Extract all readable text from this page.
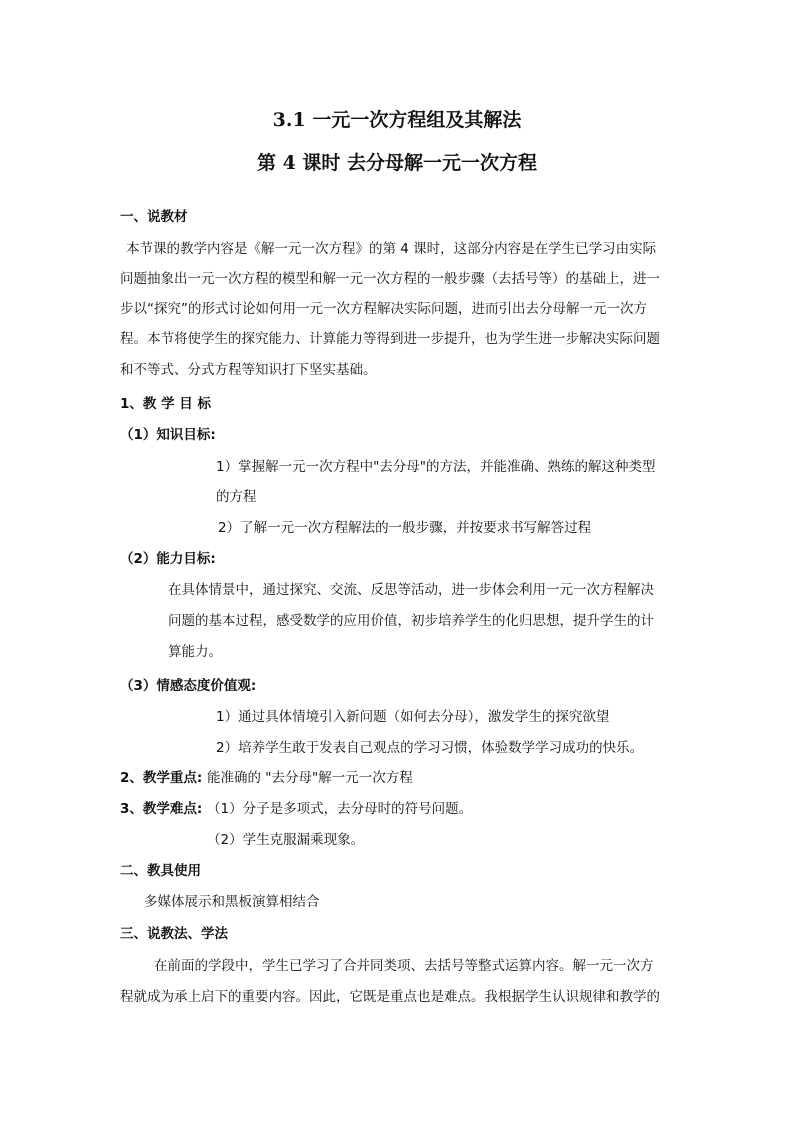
3.1 一元一次方程组及其解法
第 4 课时 去分母解一元一次方程
一、说教材
本节课的教学内容是《解一元一次方程》的第 4 课时，这部分内容是在学生已学习由实际
问题抽象出一元一次方程的模型和解一元一次方程的一般步骤（去括号等）的基础上，进一
步以“探究”的形式讨论如何用一元一次方程解决实际问题，进而引出去分母解一元一次方
程。本节将使学生的探究能力、计算能力等得到进一步提升，也为学生进一步解决实际问题
和不等式、分式方程等知识打下坚实基础。
1、教 学 目 标
（1）知识目标:
1）掌握解一元一次方程中"去分母"的方法，并能准确、熟练的解这种类型
的方程
2）了解一元一次方程解法的一般步骤，并按要求书写解答过程
（2）能力目标:
在具体情景中，通过探究、交流、反思等活动，进一步体会利用一元一次方程解决
问题的基本过程，感受数学的应用价值，初步培养学生的化归思想，提升学生的计
算能力。
（3）情感态度价值观:
1）通过具体情境引入新问题（如何去分母），激发学生的探究欲望
2）培养学生敢于发表自己观点的学习习惯，体验数学学习成功的快乐。
2、教学重点: 能准确的 "去分母"解一元一次方程
3、教学难点: （1）分子是多项式，去分母时的符号问题。
（2）学生克服漏乘现象。
二、教具使用
多媒体展示和黑板演算相结合
三、说教法、学法
在前面的学段中，学生已学习了合并同类项、去括号等整式运算内容。解一元一次方
程就成为承上启下的重要内容。因此，它既是重点也是难点。我根据学生认识规律和教学的
